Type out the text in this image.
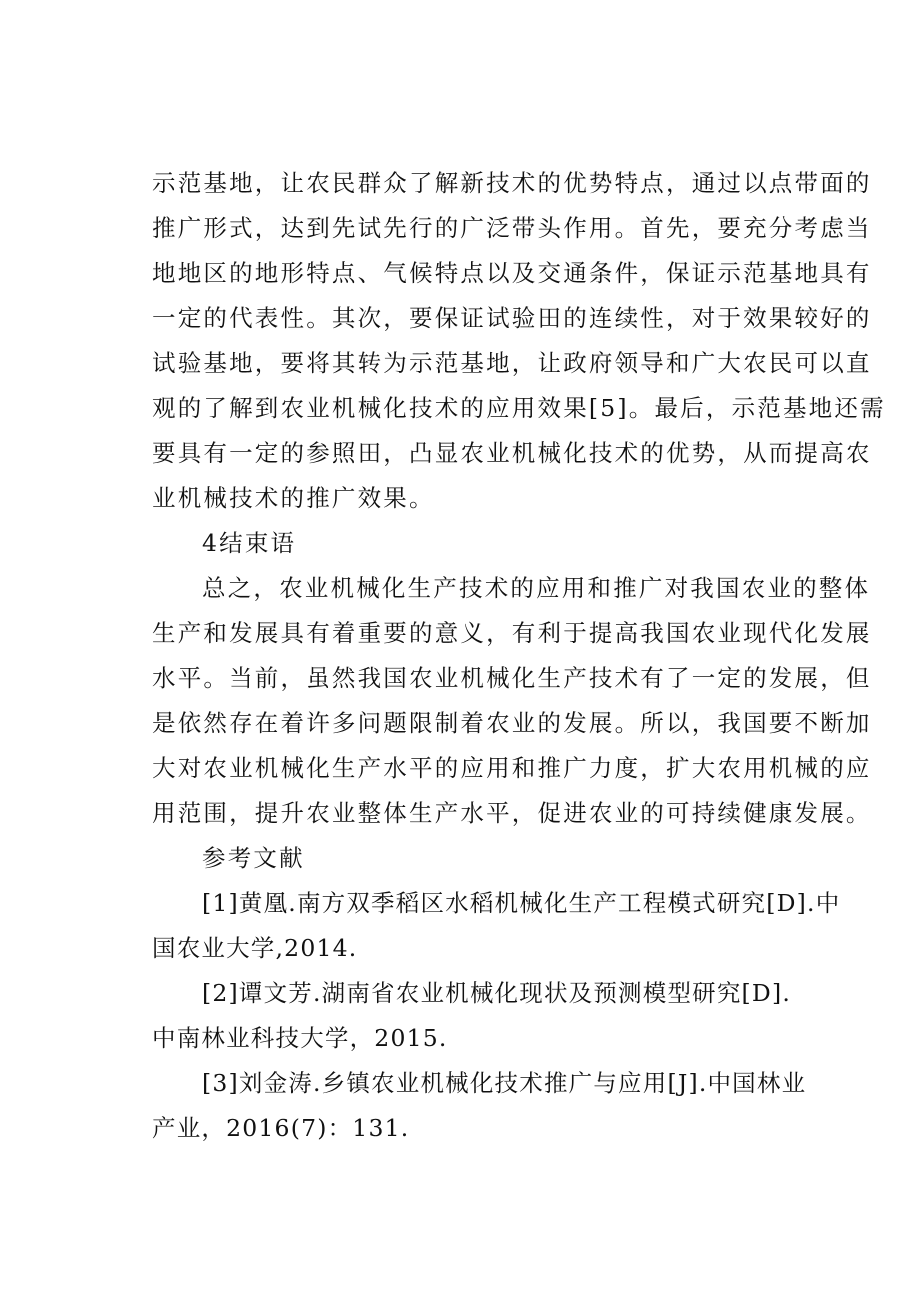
示范基地，让农民群众了解新技术的优势特点，通过以点带面的
推广形式，达到先试先行的广泛带头作用。首先，要充分考虑当
地地区的地形特点、气候特点以及交通条件，保证示范基地具有
一定的代表性。其次，要保证试验田的连续性，对于效果较好的
试验基地，要将其转为示范基地，让政府领导和广大农民可以直
观的了解到农业机械化技术的应用效果[5]。最后，示范基地还需
要具有一定的参照田，凸显农业机械化技术的优势，从而提高农
业机械技术的推广效果。
4结束语
总之，农业机械化生产技术的应用和推广对我国农业的整体
生产和发展具有着重要的意义，有利于提高我国农业现代化发展
水平。当前，虽然我国农业机械化生产技术有了一定的发展，但
是依然存在着许多问题限制着农业的发展。所以，我国要不断加
大对农业机械化生产水平的应用和推广力度，扩大农用机械的应
用范围，提升农业整体生产水平，促进农业的可持续健康发展。
参考文献
[1]黄凰.南方双季稻区水稻机械化生产工程模式研究[D].中
国农业大学,2014.
[2]谭文芳.湖南省农业机械化现状及预测模型研究[D].
中南林业科技大学，2015.
[3]刘金涛.乡镇农业机械化技术推广与应用[J].中国林业
产业，2016(7)：131.
